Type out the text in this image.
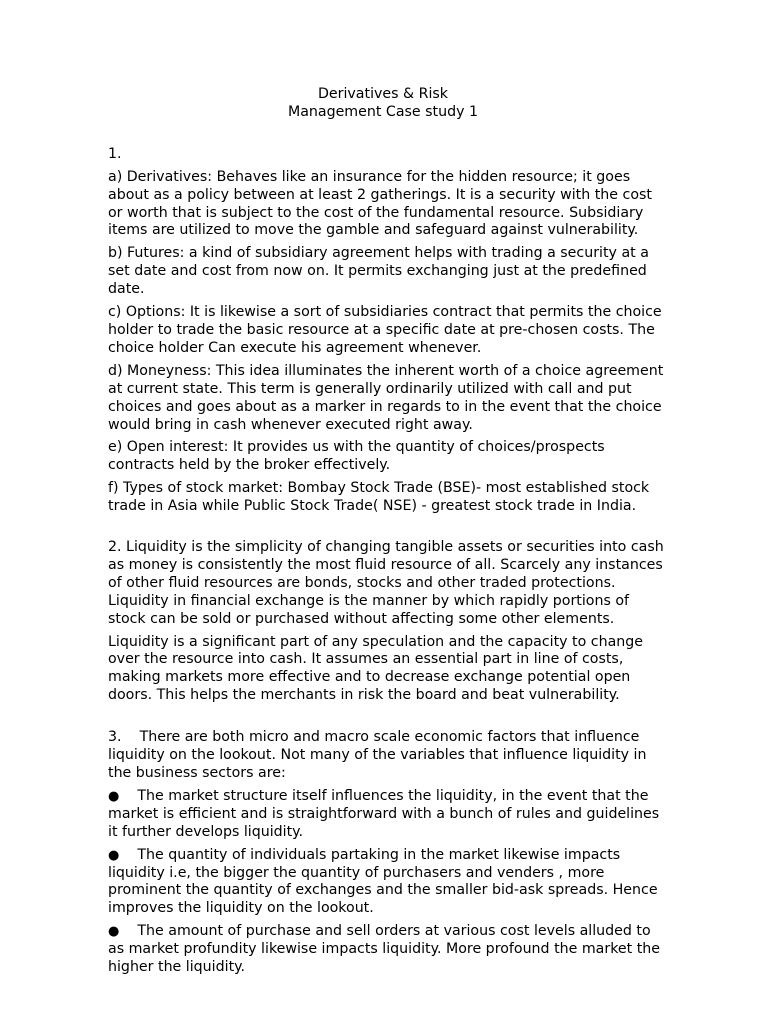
Derivatives & Risk

Management Case study 1

1.

a) Derivatives: Behaves like an insurance for the hidden resource; it goes about as a policy between at least 2 gatherings. It is a security with the cost or worth that is subject to the cost of the fundamental resource. Subsidiary items are utilized to move the gamble and safeguard against vulnerability.

b) Futures: a kind of subsidiary agreement helps with trading a security at a set date and cost from now on. It permits exchanging just at the predefined date.

c) Options: It is likewise a sort of subsidiaries contract that permits the choice holder to trade the basic resource at a specific date at pre-chosen costs. The choice holder Can execute his agreement whenever.

d) Moneyness: This idea illuminates the inherent worth of a choice agreement at current state. This term is generally ordinarily utilized with call and put choices and goes about as a marker in regards to in the event that the choice would bring in cash whenever executed right away.

e) Open interest: It provides us with the quantity of choices/prospects contracts held by the broker effectively.

f) Types of stock market: Bombay Stock Trade (BSE)- most established stock trade in Asia while Public Stock Trade( NSE) - greatest stock trade in India.

2. Liquidity is the simplicity of changing tangible assets or securities into cash as money is consistently the most fluid resource of all. Scarcely any instances of other fluid resources are bonds, stocks and other traded protections. Liquidity in financial exchange is the manner by which rapidly portions of stock can be sold or purchased without affecting some other elements.

Liquidity is a significant part of any speculation and the capacity to change over the resource into cash. It assumes an essential part in line of costs, making markets more effective and to decrease exchange potential open doors. This helps the merchants in risk the board and beat vulnerability.

3. There are both micro and macro scale economic factors that influence liquidity on the lookout. Not many of the variables that influence liquidity in the business sectors are:

● The market structure itself influences the liquidity, in the event that the market is efficient and is straightforward with a bunch of rules and guidelines it further develops liquidity.

● The quantity of individuals partaking in the market likewise impacts liquidity i.e, the bigger the quantity of purchasers and venders , more prominent the quantity of exchanges and the smaller bid-ask spreads. Hence improves the liquidity on the lookout.

● The amount of purchase and sell orders at various cost levels alluded to as market profundity likewise impacts liquidity. More profound the market the higher the liquidity.
